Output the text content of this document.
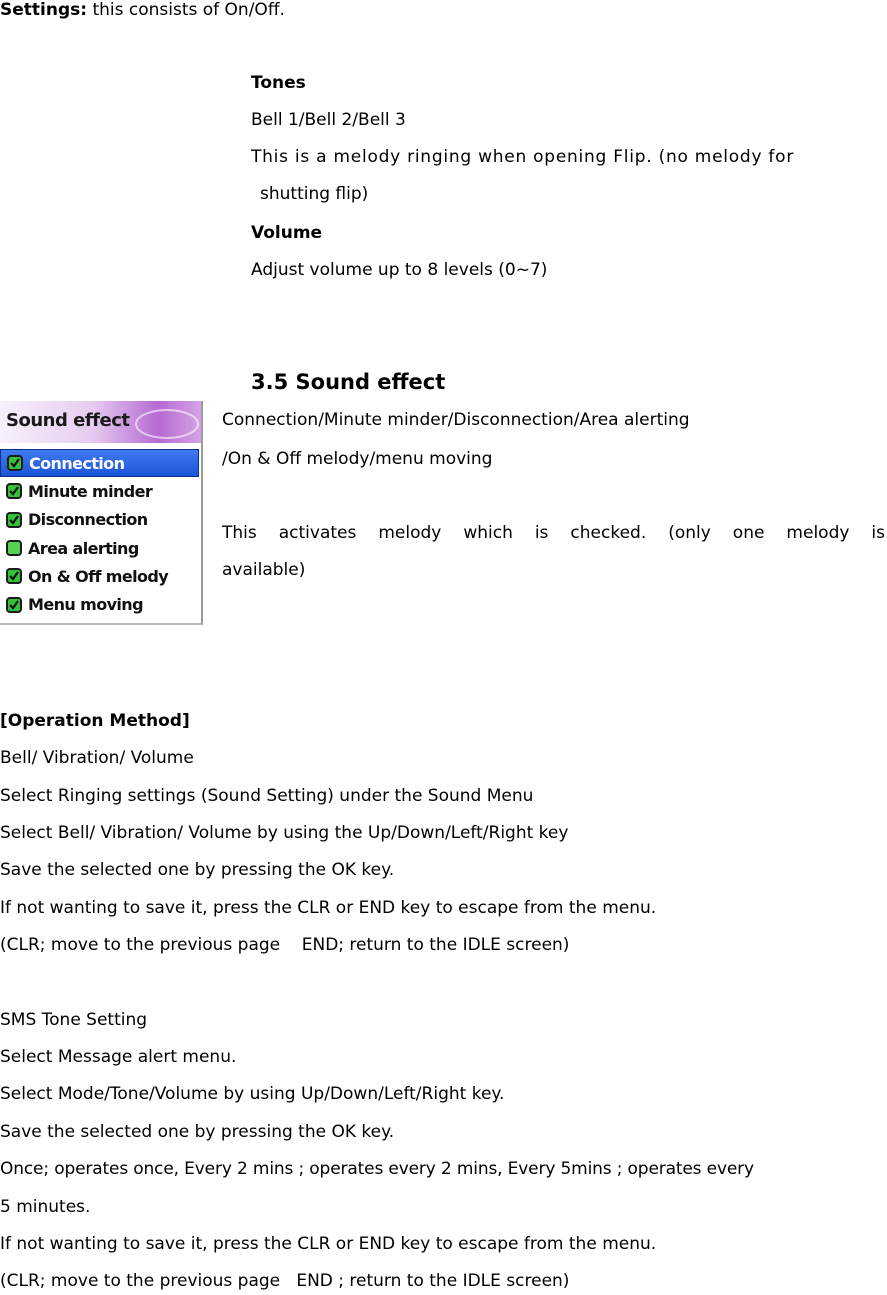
Settings: this consists of On/Off.
Tones
Bell 1/Bell 2/Bell 3
This is a melody ringing when opening Flip. (no melody for
shutting flip)
Volume
Adjust volume up to 8 levels (0~7)
3.5 Sound effect
Sound effect
Connection
Minute minder
Disconnection
Area alerting
On & Off melody
Menu moving
Connection/Minute minder/Disconnection/Area alerting
/On & Off melody/menu moving
This activates melody which is checked. (only one melody is
available)
[Operation Method]
Bell/ Vibration/ Volume
Select Ringing settings (Sound Setting) under the Sound Menu
Select Bell/ Vibration/ Volume by using the Up/Down/Left/Right key
Save the selected one by pressing the OK key.
If not wanting to save it, press the CLR or END key to escape from the menu.
(CLR; move to the previous page    END; return to the IDLE screen)
SMS Tone Setting
Select Message alert menu.
Select Mode/Tone/Volume by using Up/Down/Left/Right key.
Save the selected one by pressing the OK key.
Once; operates once, Every 2 mins ; operates every 2 mins, Every 5mins ; operates every
5 minutes.
If not wanting to save it, press the CLR or END key to escape from the menu.
(CLR; move to the previous page   END ; return to the IDLE screen)
